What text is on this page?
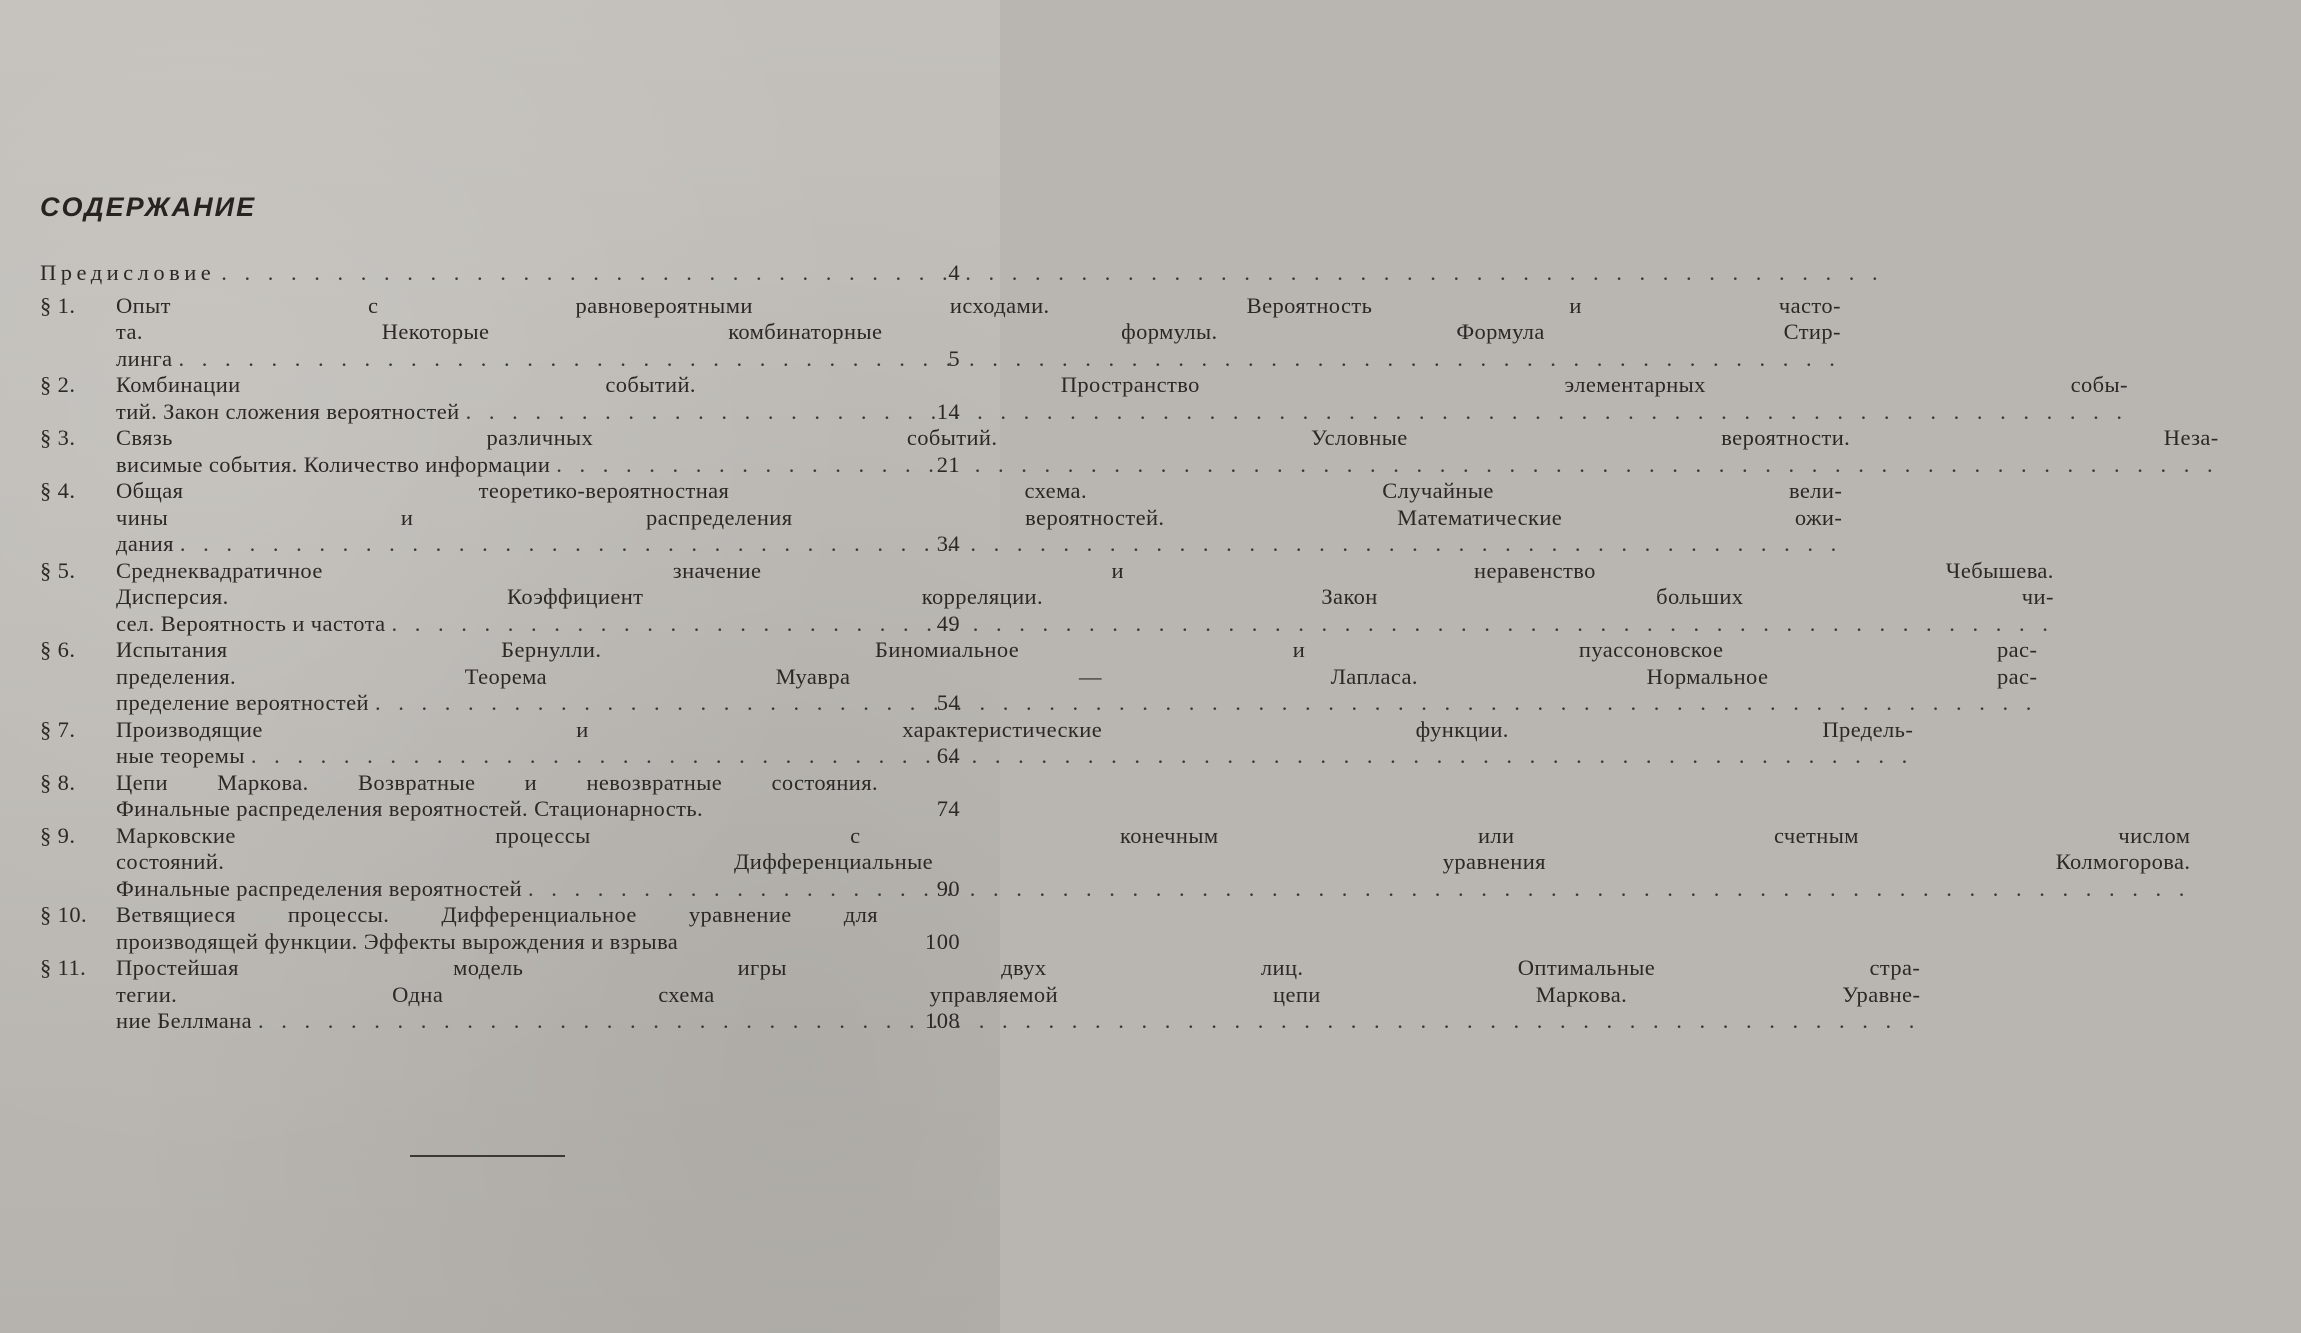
СОДЕРЖАНИЕ
Предисловие . . .	4
§ 1.	Опыт с равновероятными исходами. Вероятность и часто-
та. Некоторые комбинаторные формулы. Формула Стир-
линга . . .	5
§ 2.	Комбинации событий. Пространство элементарных собы-
тий. Закон сложения вероятностей . . .	14
§ 3.	Связь различных событий. Условные вероятности. Неза-
висимые события. Количество информации . . .	21
§ 4.	Общая теоретико-вероятностная схема. Случайные вели-
чины и распределения вероятностей. Математические ожи-
дания . . .	34
§ 5.	Среднеквадратичное значение и неравенство Чебышева.
Дисперсия. Коэффициент корреляции. Закон больших чи-
сел. Вероятность и частота . . .	49
§ 6.	Испытания Бернулли. Биномиальное и пуассоновское рас-
пределения. Теорема Муавра — Лапласа. Нормальное рас-
пределение вероятностей . . .	54
§ 7.	Производящие и характеристические функции. Предель-
ные теоремы . . .	64
§ 8.	Цепи Маркова. Возвратные и невозвратные состояния.
Финальные распределения вероятностей. Стационарность.	74
§ 9.	Марковские процессы с конечным или счетным числом
состояний. Дифференциальные уравнения Колмогорова.
Финальные распределения вероятностей . . .	90
§ 10.	Ветвящиеся процессы. Дифференциальное уравнение для
производящей функции. Эффекты вырождения и взрыва	100
§ 11.	Простейшая модель игры двух лиц. Оптимальные стра-
тегии. Одна схема управляемой цепи Маркова. Уравне-
ние Беллмана . . .	108
